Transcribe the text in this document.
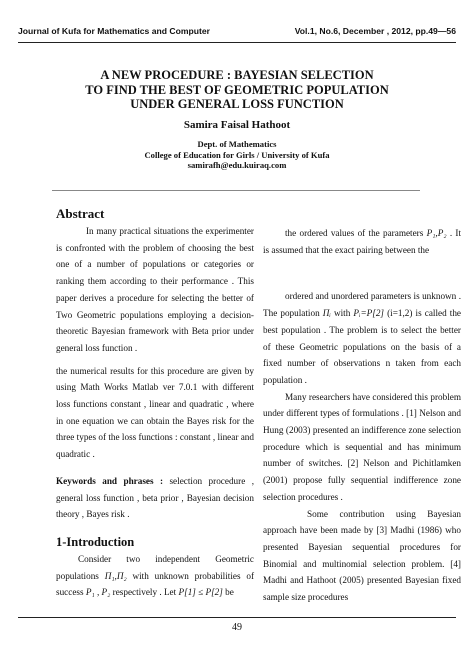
Journal of Kufa for Mathematics and Computer	Vol.1, No.6, December , 2012, pp.49—56
A NEW PROCEDURE : BAYESIAN SELECTION
TO FIND THE BEST OF GEOMETRIC POPULATION
UNDER GENERAL LOSS FUNCTION
Samira Faisal Hathoot
Dept. of Mathematics
College of Education for Girls / University of Kufa
samirafh@edu.kuiraq.com

Abstract

In many practical situations the experimenter is confronted with the problem of choosing the best one of a number of populations or categories or ranking them according to their performance . This paper derives a procedure for selecting the better of Two Geometric populations employing a decision-theoretic Bayesian framework with Beta prior under general loss function .

the numerical results for this procedure are given by using Math Works Matlab ver 7.0.1 with different loss functions constant , linear and quadratic , where in one equation we can obtain the Bayes risk for the three types of the loss functions : constant , linear and quadratic .

Keywords and phrases : selection procedure , general loss function , beta prior , Bayesian decision theory , Bayes risk .

1-Introduction

Consider two independent Geometric populations Π₁,Π₂ with unknown probabilities of success P₁ , P₂ respectively . Let P[1] ≤ P[2] be

the ordered values of the parameters P₁,P₂ . It is assumed that the exact pairing between the

ordered and unordered parameters is unknown . The population Πᵢ with Pᵢ=P[2] (i=1,2) is called the best population . The problem is to select the better of these Geometric populations on the basis of a fixed number of observations n taken from each population .

Many researchers have considered this problem under different types of formulations . [1] Nelson and Hung (2003) presented an indifference zone selection procedure which is sequential and has minimum number of switches. [2] Nelson and Pichitlamken (2001) propose fully sequential indifference zone selection procedures .

Some contribution using Bayesian approach have been made by [3] Madhi (1986) who presented Bayesian sequential procedures for Binomial and multinomial selection problem. [4] Madhi and Hathoot (2005) presented Bayesian fixed sample size procedures

49
